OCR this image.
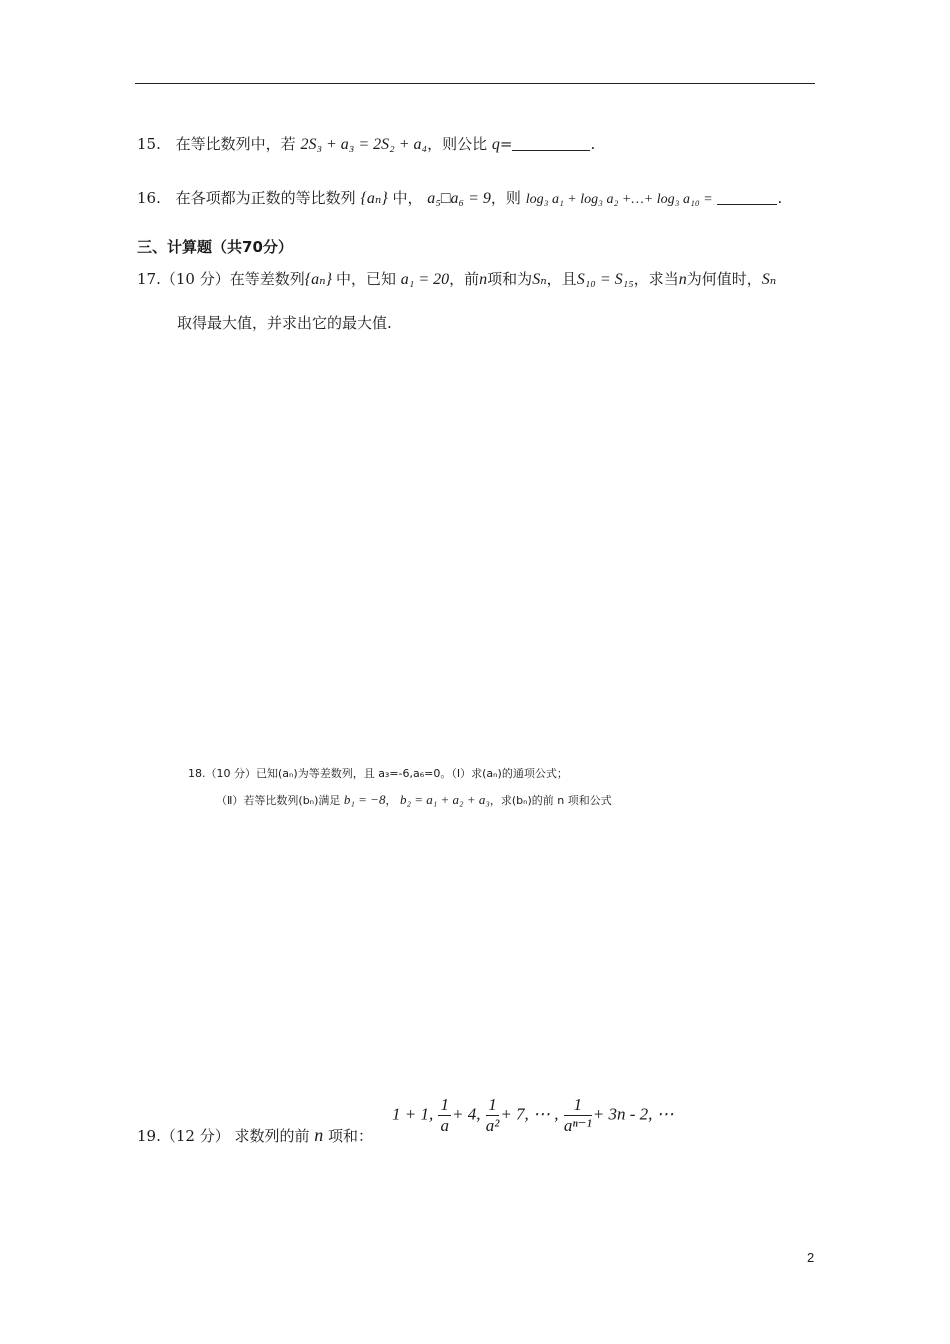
15. 在等比数列中，若 2S₃ + a₃ = 2S₂ + a₄，则公比 q=	.
16. 在各项都为正数的等比数列 {aₙ} 中， a₅□a₆ = 9，则 log₃ a₁ + log₃ a₂ +…+ log₃ a₁₀ =	.
三、计算题（共70分）
17.（10 分）在等差数列{aₙ} 中，已知 a₁ = 20，前n项和为Sₙ，且S₁₀ = S₁₅，求当n为何值时，Sₙ
取得最大值，并求出它的最大值.
18.（10 分）已知(aₙ)为等差数列，且 a₃=-6,a₆=0。（Ⅰ）求(aₙ)的通项公式；
（Ⅱ）若等比数列(bₙ)满足 b₁ = −8， b₂ = a₁ + a₂ + a₃，求(bₙ)的前 n 项和公式
19.（12 分） 求数列的前 n 项和：
1 + 1, $\frac{1}{a} + 4$, $\frac{1}{\text{a²}} + 7$, ⋯ , $\frac{1}{\text{aⁿ⁻¹}} + 3n - 2$, ⋯
2
